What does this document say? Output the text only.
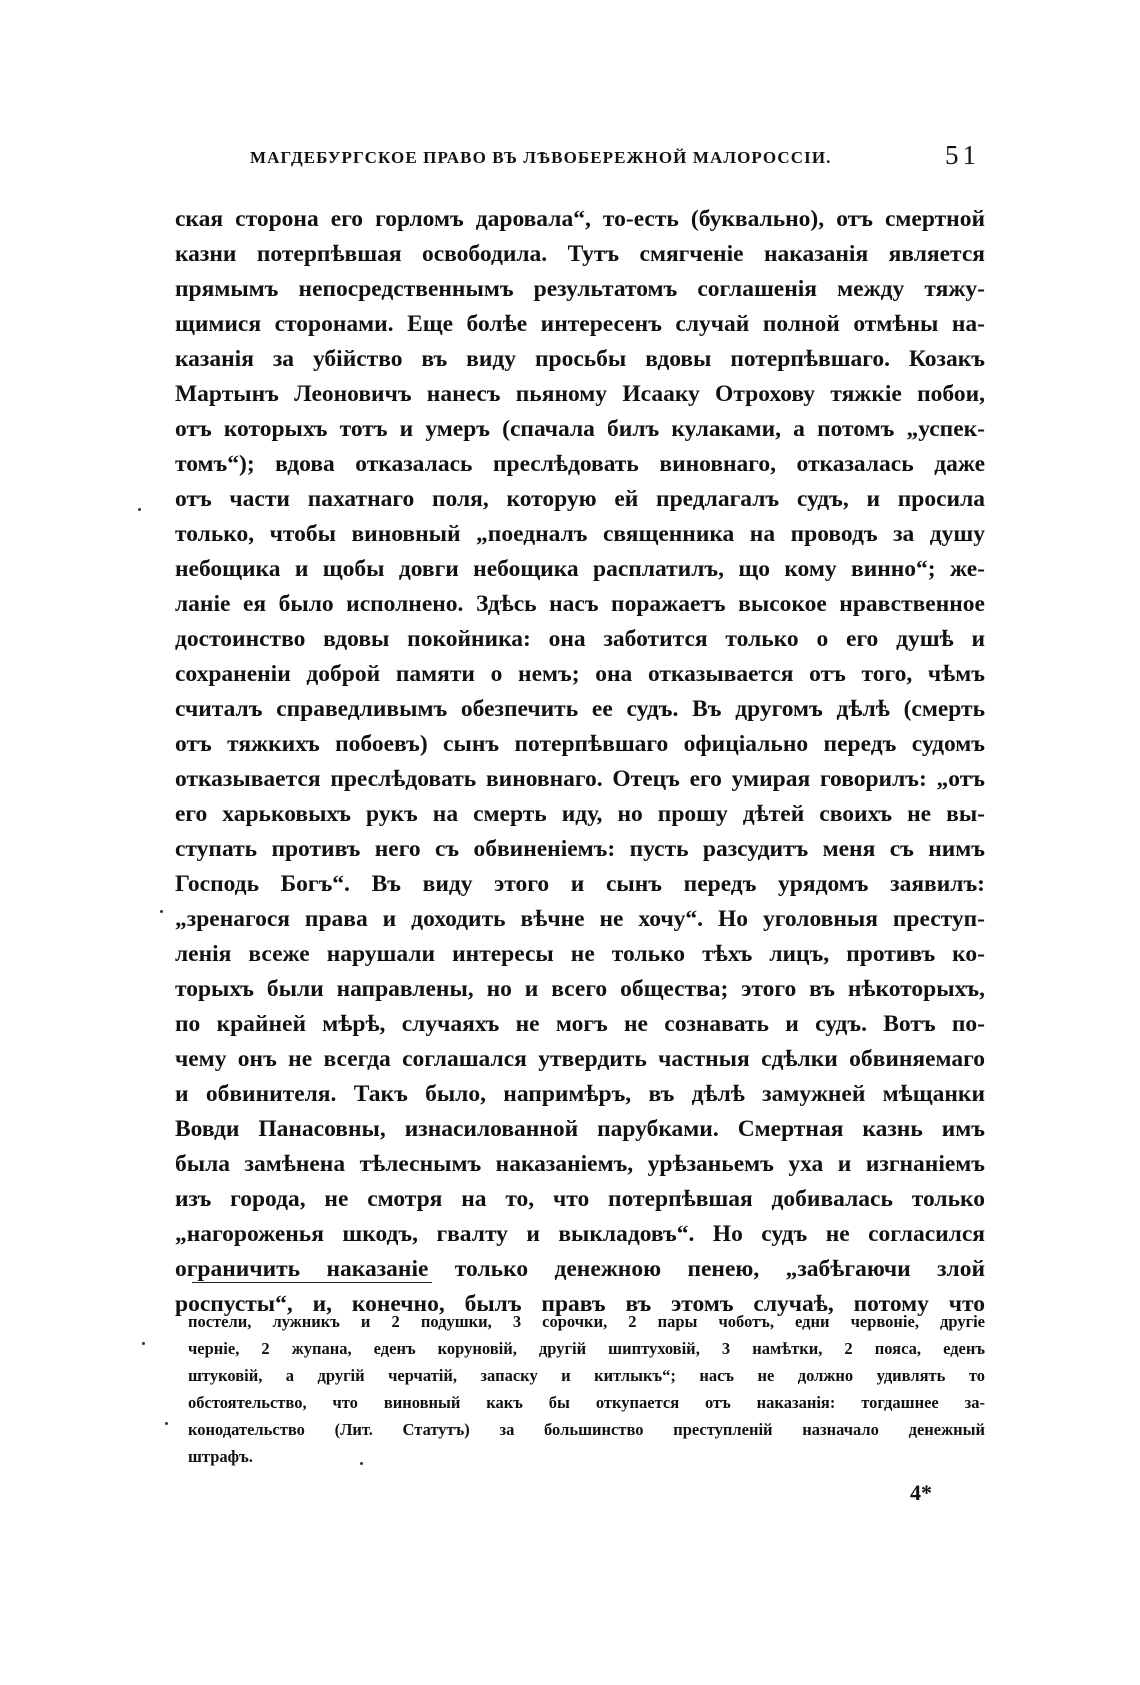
МАГДЕБУРГСКОЕ ПРАВО ВЪ ЛѢВОБЕРЕЖНОЙ МАЛОРОССІИ.	51
ская сторона его горломъ даровала“, то-есть (буквально), отъ смертной
казни потерпѣвшая освободила. Тутъ смягченіе наказанія является
прямымъ непосредственнымъ результатомъ соглашенія между тяжу-
щимися сторонами. Еще болѣе интересенъ случай полной отмѣны на-
казанія за убійство въ виду просьбы вдовы потерпѣвшаго. Козакъ
Мартынъ Леоновичъ нанесъ пьяному Исааку Отрохову тяжкіе побои,
отъ которыхъ тотъ и умеръ (спачала билъ кулаками, а потомъ „успек-
томъ“); вдова отказалась преслѣдовать виновнаго, отказалась даже
отъ части пахатнаго поля, которую ей предлагалъ судъ, и просила
только, чтобы виновный „поедналъ священника на проводъ за душу
небощика и щобы довги небощика расплатилъ, що кому винно“; же-
ланіе ея было исполнено. Здѣсь насъ поражаетъ высокое нравственное
достоинство вдовы покойника: она заботится только о его душѣ и
сохраненіи доброй памяти о немъ; она отказывается отъ того, чѣмъ
считалъ справедливымъ обезпечить ее судъ. Въ другомъ дѣлѣ (смерть
отъ тяжкихъ побоевъ) сынъ потерпѣвшаго офиціально передъ судомъ
отказывается преслѣдовать виновнаго. Отецъ его умирая говорилъ: „отъ
его харьковыхъ рукъ на смерть иду, но прошу дѣтей своихъ не вы-
ступать противъ него съ обвиненіемъ: пусть разсудитъ меня съ нимъ
Господь Богъ“. Въ виду этого и сынъ передъ урядомъ заявилъ:
„зренагося права и доходить вѣчне не хочу“. Но уголовныя преступ-
ленія всеже нарушали интересы не только тѣхъ лицъ, противъ ко-
торыхъ были направлены, но и всего общества; этого въ нѣкоторыхъ,
по крайней мѣрѣ, случаяхъ не могъ не сознавать и судъ. Вотъ по-
чему онъ не всегда соглашался утвердить частныя сдѣлки обвиняемаго
и обвинителя. Такъ было, напримѣръ, въ дѣлѣ замужней мѣщанки
Вовди Панасовны, изнасилованной парубками. Смертная казнь имъ
была замѣнена тѣлеснымъ наказаніемъ, урѣзаньемъ уха и изгнаніемъ
изъ города, не смотря на то, что потерпѣвшая добивалась только
„нагороженья шкодъ, гвалту и выкладовъ“. Но судъ не согласился
ограничить наказаніе только денежною пенею, „забѣгаючи злой
роспусты“, и, конечно, былъ правъ въ этомъ случаѣ, потому что
постели, лужникъ и 2 подушки, 3 сорочки, 2 пары чоботъ, едни червоніе, другіе
черніе, 2 жупана, еденъ коруновій, другій шиптуховій, 3 намѣтки, 2 пояса, еденъ
штуковій, а другій черчатій, запаску и китлыкъ“; насъ не должно удивлять то
обстоятельство, что виновный какъ бы откупается отъ наказанія: тогдашнее за-
конодательство (Лит. Статутъ) за большинство преступленій назначало денежный
штрафъ.
4*
